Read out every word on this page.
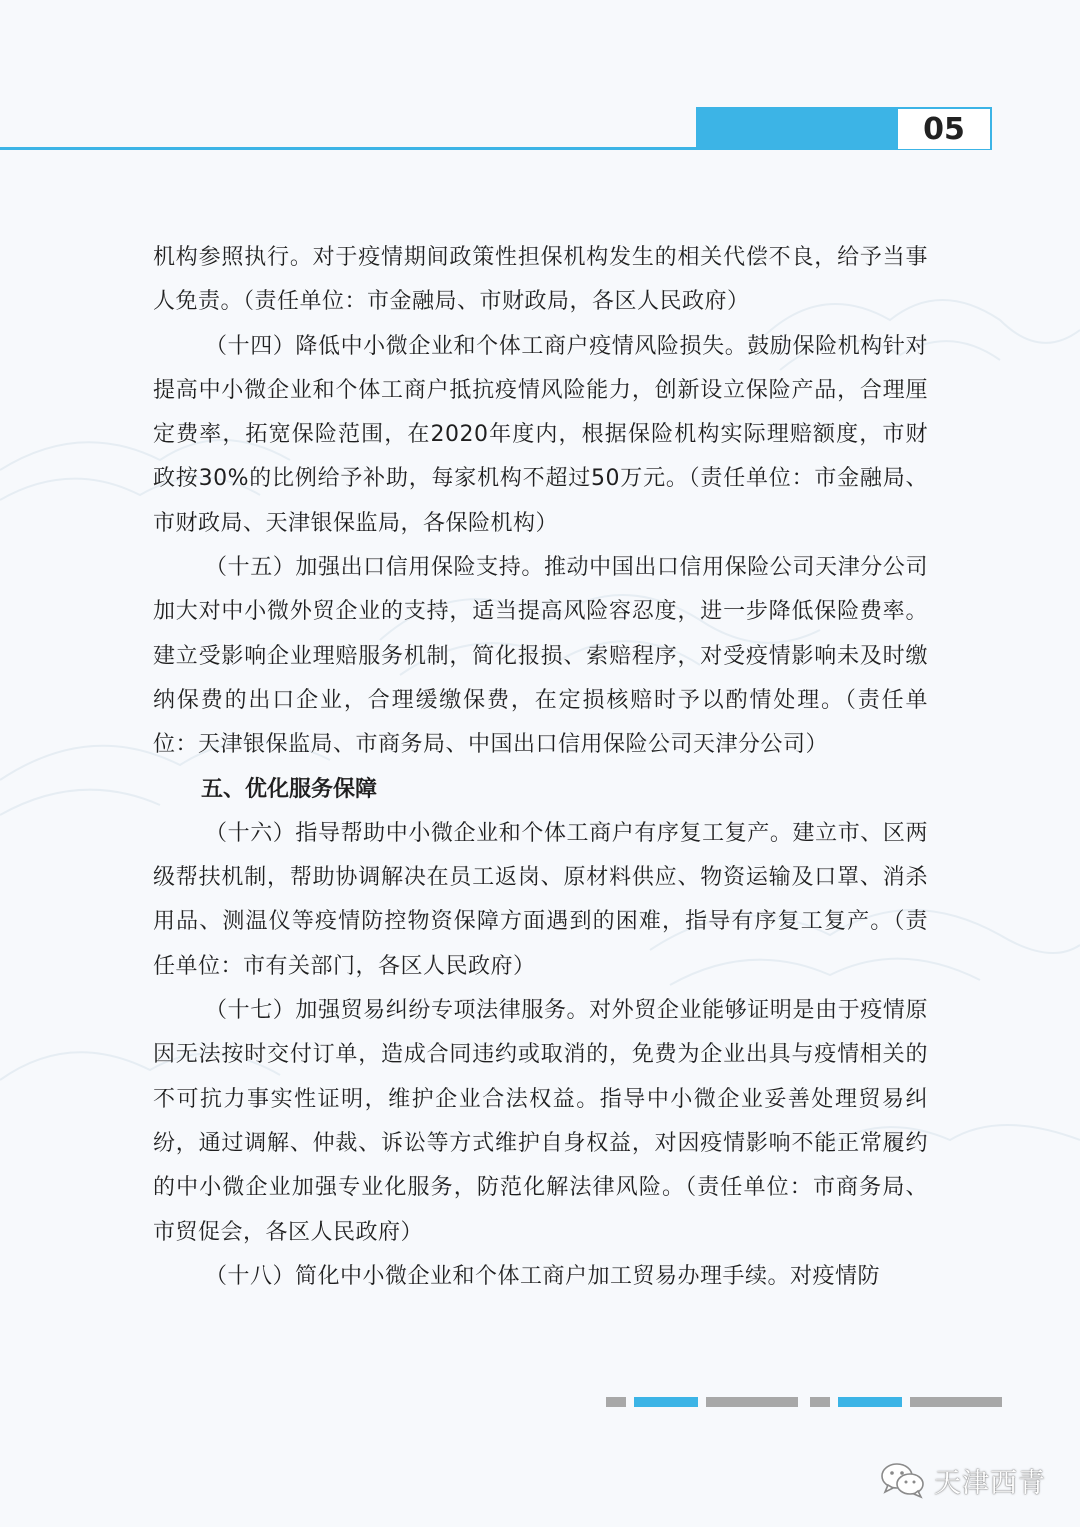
05

机构参照执行。对于疫情期间政策性担保机构发生的相关代偿不良，给予当事人免责。（责任单位：市金融局、市财政局，各区人民政府）

（十四）降低中小微企业和个体工商户疫情风险损失。鼓励保险机构针对提高中小微企业和个体工商户抵抗疫情风险能力，创新设立保险产品，合理厘定费率，拓宽保险范围，在2020年度内，根据保险机构实际理赔额度，市财政按30%的比例给予补助，每家机构不超过50万元。（责任单位：市金融局、市财政局、天津银保监局，各保险机构）

（十五）加强出口信用保险支持。推动中国出口信用保险公司天津分公司加大对中小微外贸企业的支持，适当提高风险容忍度，进一步降低保险费率。建立受影响企业理赔服务机制，简化报损、索赔程序，对受疫情影响未及时缴纳保费的出口企业，合理缓缴保费，在定损核赔时予以酌情处理。（责任单位：天津银保监局、市商务局、中国出口信用保险公司天津分公司）

五、优化服务保障

（十六）指导帮助中小微企业和个体工商户有序复工复产。建立市、区两级帮扶机制，帮助协调解决在员工返岗、原材料供应、物资运输及口罩、消杀用品、测温仪等疫情防控物资保障方面遇到的困难，指导有序复工复产。（责任单位：市有关部门，各区人民政府）

（十七）加强贸易纠纷专项法律服务。对外贸企业能够证明是由于疫情原因无法按时交付订单，造成合同违约或取消的，免费为企业出具与疫情相关的不可抗力事实性证明，维护企业合法权益。指导中小微企业妥善处理贸易纠纷，通过调解、仲裁、诉讼等方式维护自身权益，对因疫情影响不能正常履约的中小微企业加强专业化服务，防范化解法律风险。（责任单位：市商务局、市贸促会，各区人民政府）

（十八）简化中小微企业和个体工商户加工贸易办理手续。对疫情防

天津西青
